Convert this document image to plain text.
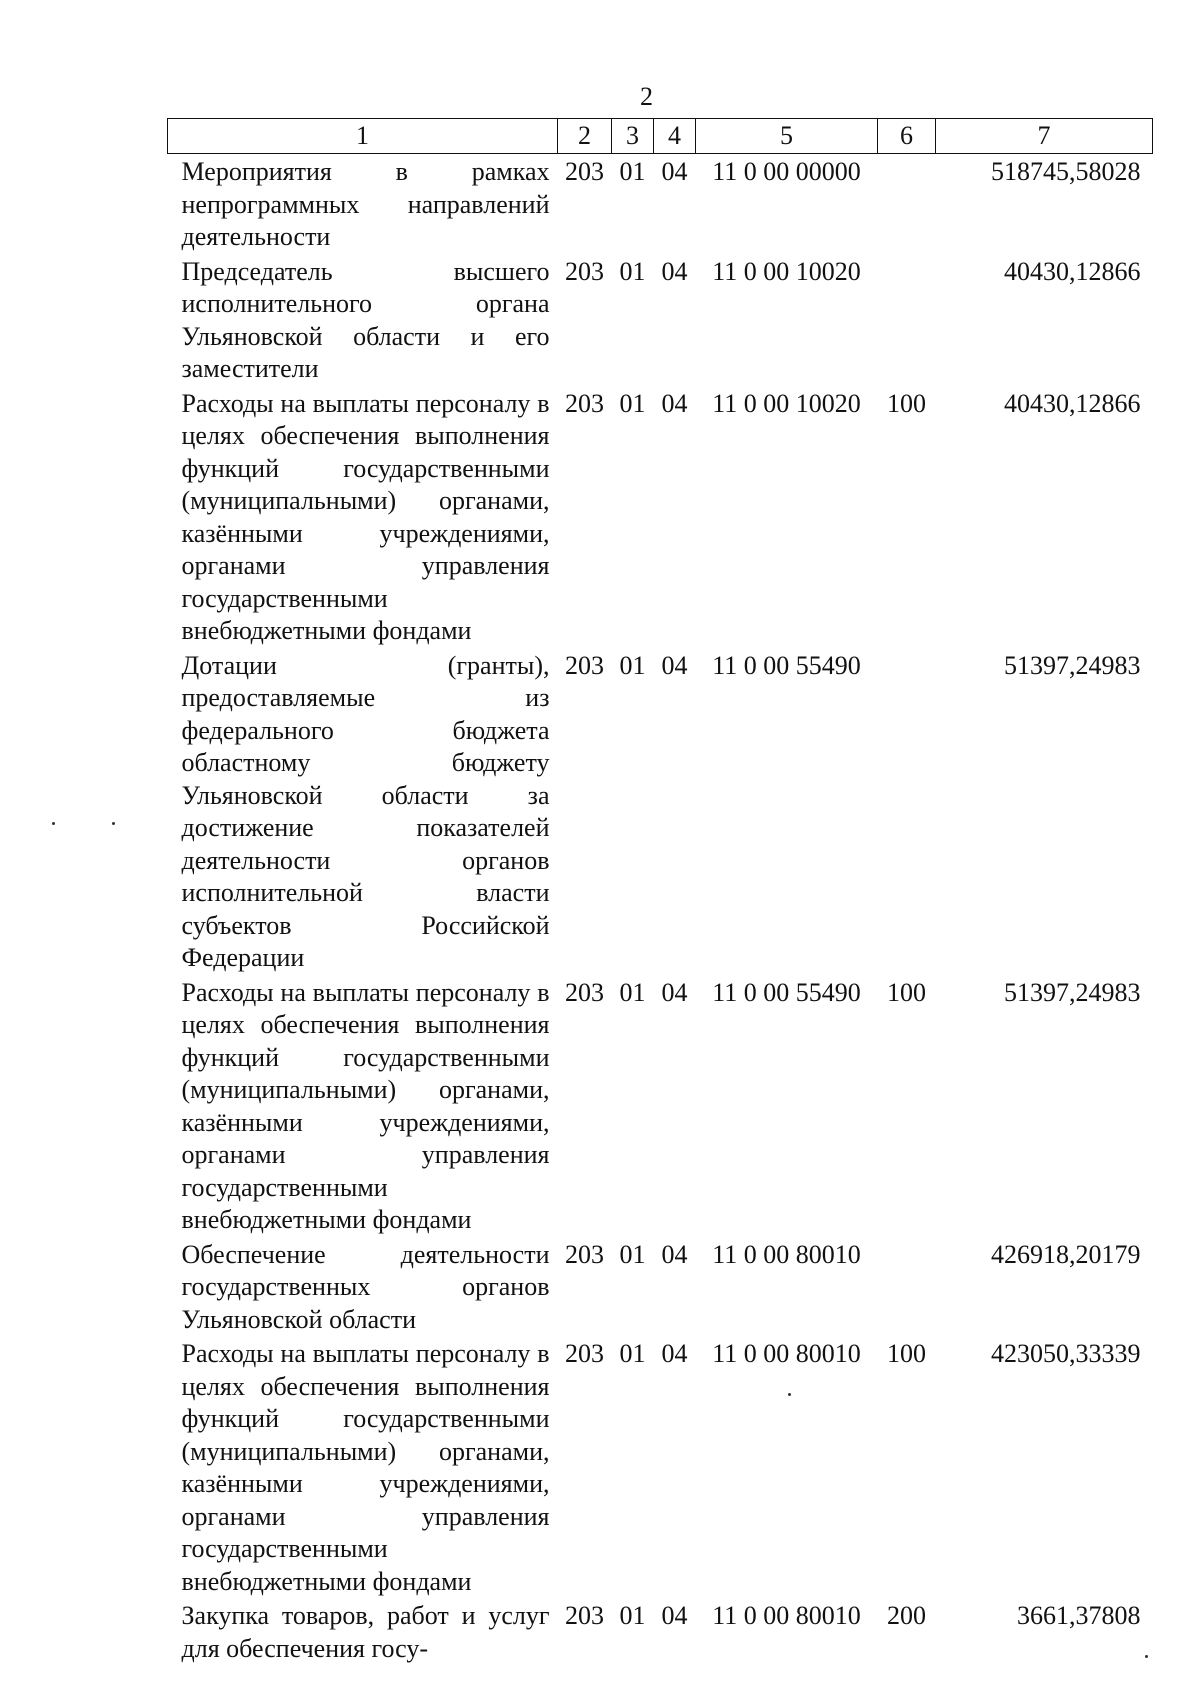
2
1	2	3	4	5	6	7
Мероприятия в рамках непрограммных направлений деятельности	203	01	04	11 0 00 00000		518745,58028
Председатель высшего исполнительного органа Ульяновской области и его заместители	203	01	04	11 0 00 10020		40430,12866
Расходы на выплаты персоналу в целях обеспечения выполнения функций государственными (муниципальными) органами, казёнными учреждениями, органами управления государственными внебюджетными фондами	203	01	04	11 0 00 10020	100	40430,12866
Дотации (гранты), предоставляемые из федерального бюджета областному бюджету Ульяновской области за достижение показателей деятельности органов исполнительной власти субъектов Российской Федерации	203	01	04	11 0 00 55490		51397,24983
Расходы на выплаты персоналу в целях обеспечения выполнения функций государственными (муниципальными) органами, казёнными учреждениями, органами управления государственными внебюджетными фондами	203	01	04	11 0 00 55490	100	51397,24983
Обеспечение деятельности государственных органов Ульяновской области	203	01	04	11 0 00 80010		426918,20179
Расходы на выплаты персоналу в целях обеспечения выполнения функций государственными (муниципальными) органами, казёнными учреждениями, органами управления государственными внебюджетными фондами	203	01	04	11 0 00 80010	100	423050,33339
Закупка товаров, работ и услуг для обеспечения госу-	203	01	04	11 0 00 80010	200	3661,37808
